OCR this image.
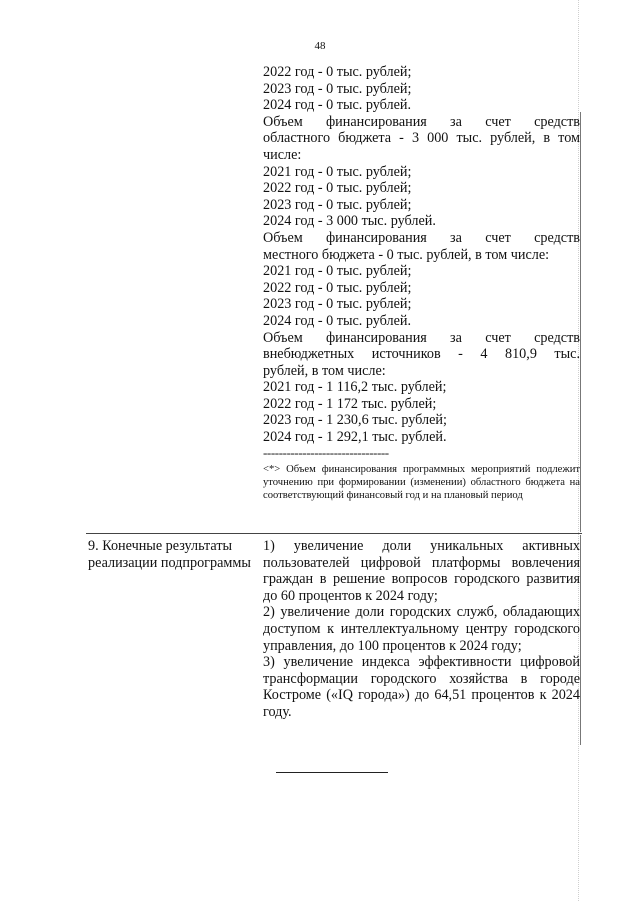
48
2022 год - 0 тыс. рублей;
2023 год - 0 тыс. рублей;
2024 год - 0 тыс. рублей.
Объем финансирования за счет средств
областного бюджета - 3 000 тыс. рублей, в том
числе:
2021 год - 0 тыс. рублей;
2022 год - 0 тыс. рублей;
2023 год - 0 тыс. рублей;
2024 год - 3 000 тыс. рублей.
Объем финансирования за счет средств
местного бюджета - 0 тыс. рублей, в том числе:
2021 год - 0 тыс. рублей;
2022 год - 0 тыс. рублей;
2023 год - 0 тыс. рублей;
2024 год - 0 тыс. рублей.
Объем финансирования за счет средств
внебюджетных источников - 4 810,9 тыс.
рублей, в том числе:
2021 год - 1 116,2 тыс. рублей;
2022 год - 1 172 тыс. рублей;
2023 год - 1 230,6 тыс. рублей;
2024 год - 1 292,1 тыс. рублей.
--------------------------------
<*> Объем финансирования программных мероприятий подлежит уточнению при формировании (изменении) областного бюджета на соответствующий финансовый год и на плановый период
9. Конечные результаты реализации подпрограммы
1) увеличение доли уникальных активных пользователей цифровой платформы вовлечения граждан в решение вопросов городского развития до 60 процентов к 2024 году;
2) увеличение доли городских служб, обладающих доступом к интеллектуальному центру городского управления, до 100 процентов к 2024 году;
3) увеличение индекса эффективности цифровой трансформации городского хозяйства в городе Костроме («IQ города») до 64,51 процентов к 2024 году.
